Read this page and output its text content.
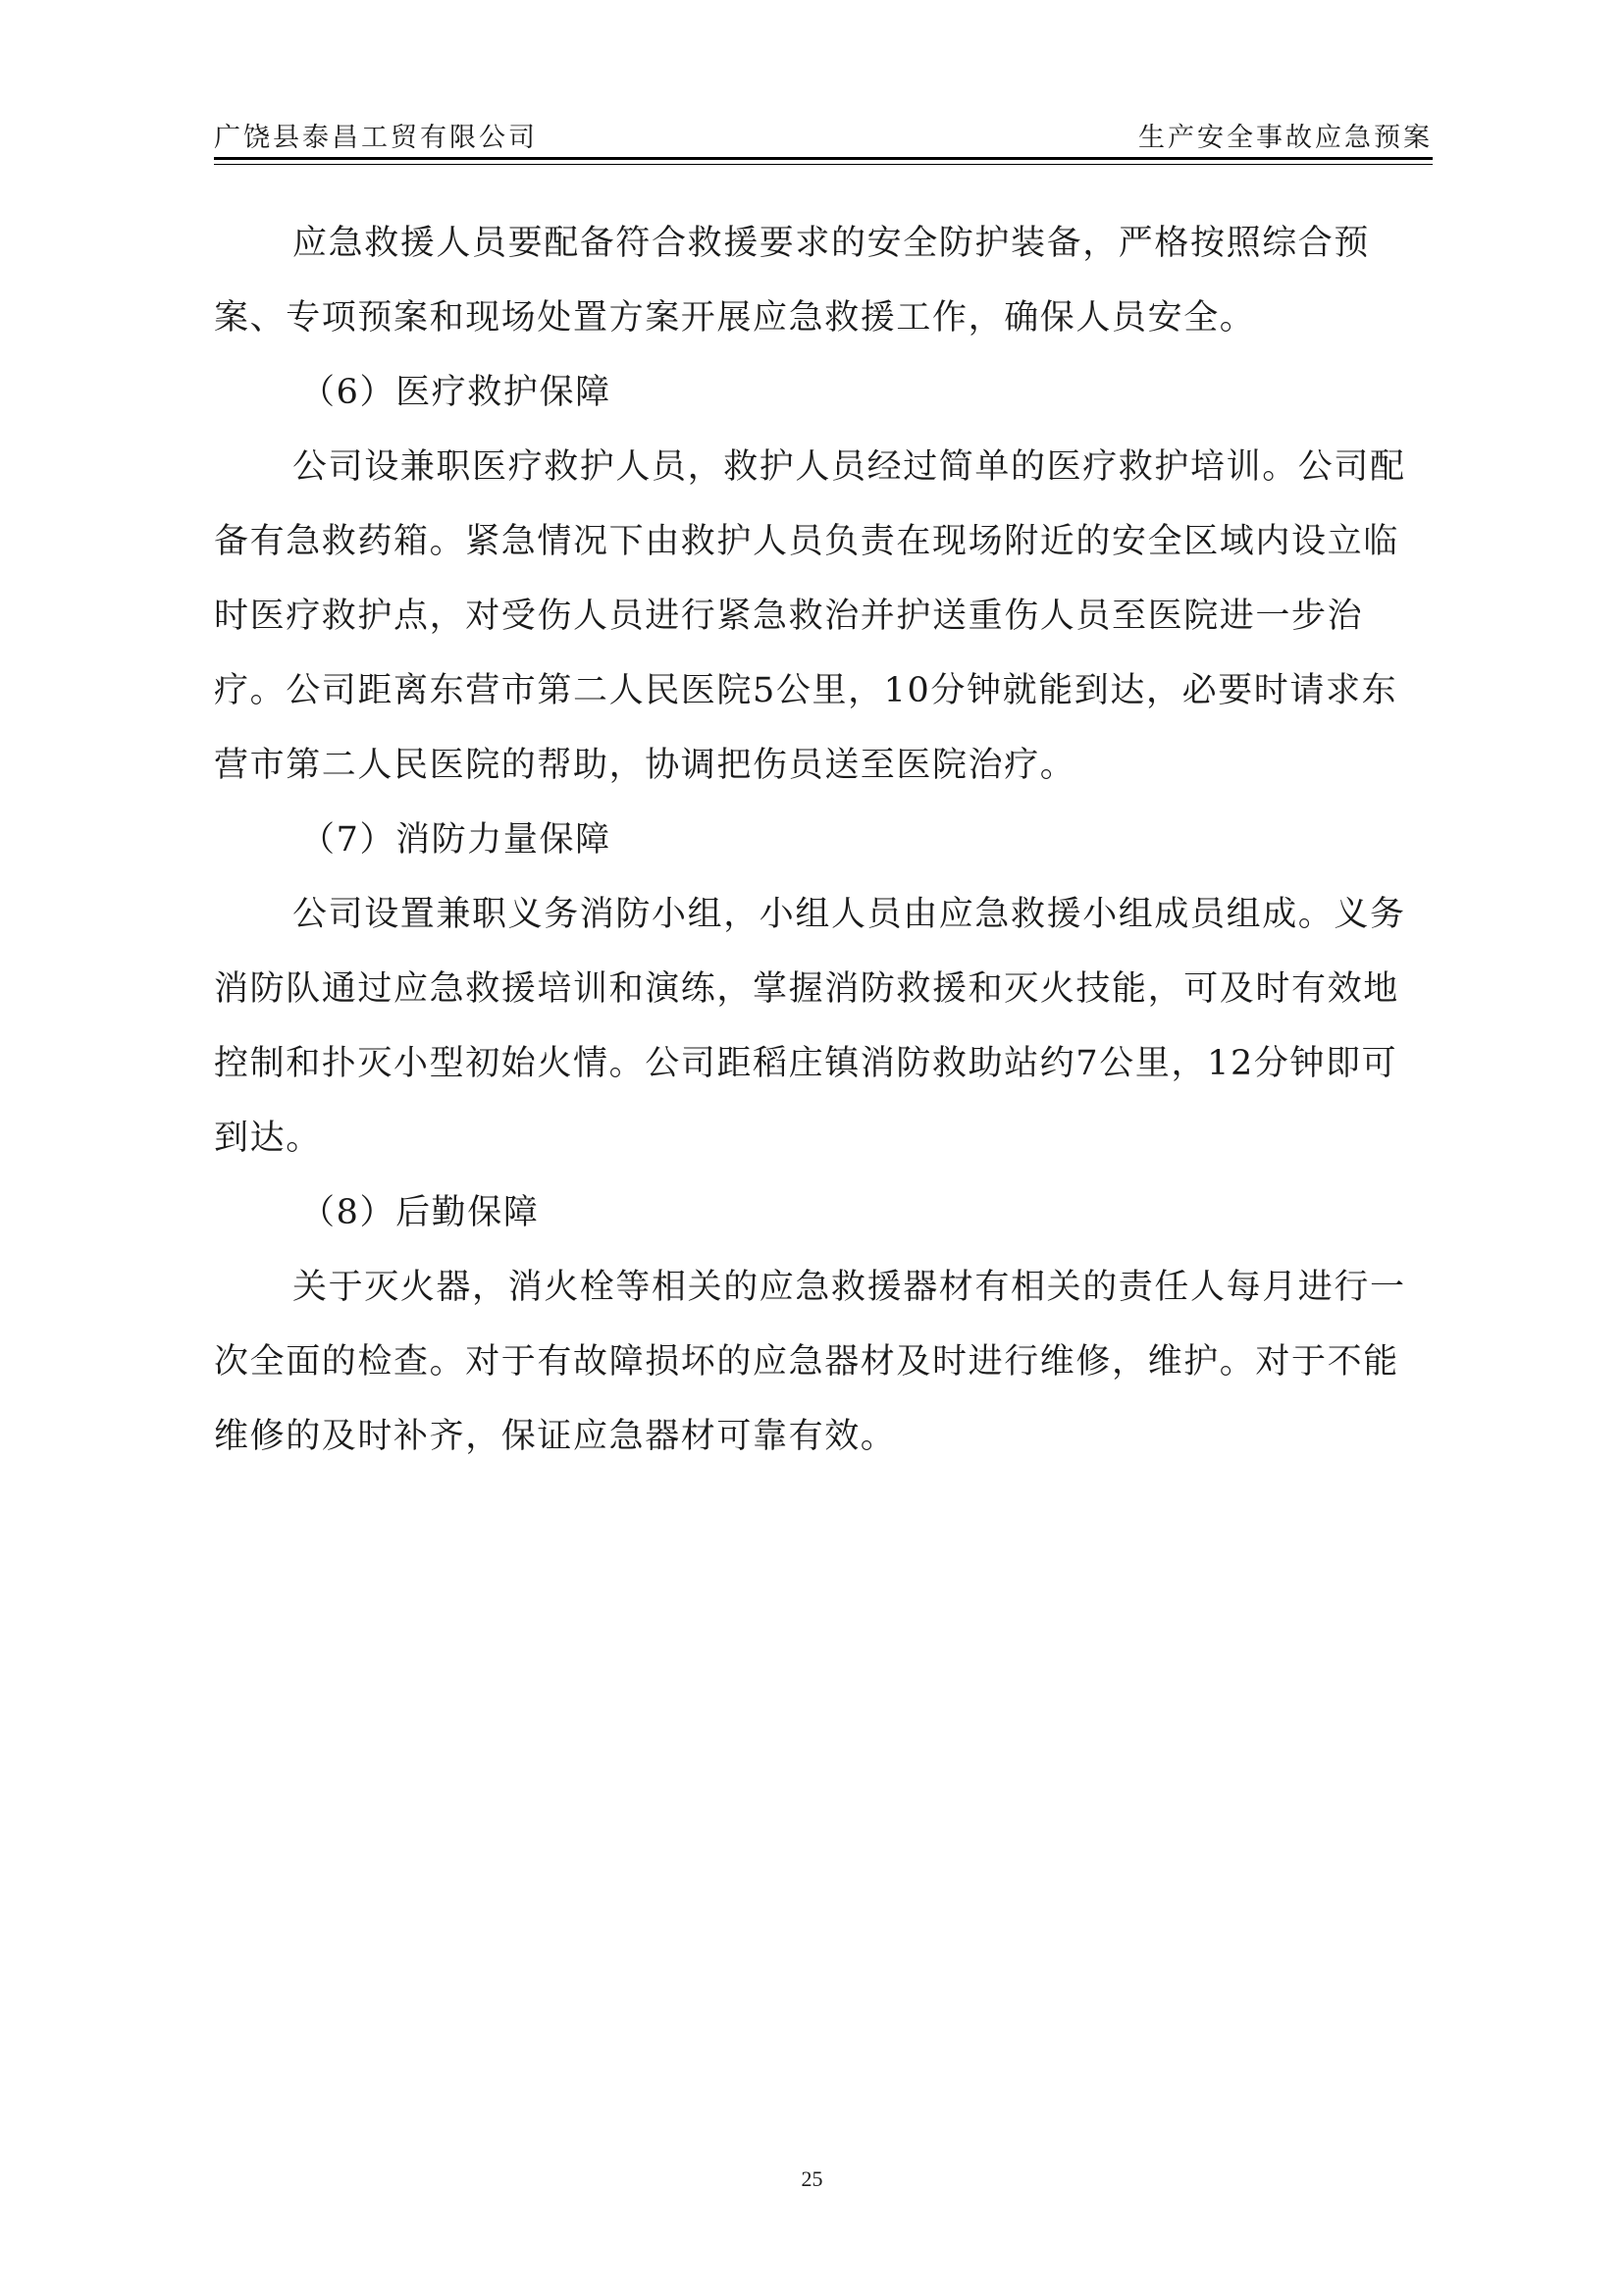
广饶县泰昌工贸有限公司	生产安全事故应急预案

应急救援人员要配备符合救援要求的安全防护装备，严格按照综合预案、专项预案和现场处置方案开展应急救援工作，确保人员安全。

（6）医疗救护保障

公司设兼职医疗救护人员，救护人员经过简单的医疗救护培训。公司配备有急救药箱。紧急情况下由救护人员负责在现场附近的安全区域内设立临时医疗救护点，对受伤人员进行紧急救治并护送重伤人员至医院进一步治疗。公司距离东营市第二人民医院5公里，10分钟就能到达，必要时请求东营市第二人民医院的帮助，协调把伤员送至医院治疗。

（7）消防力量保障

公司设置兼职义务消防小组，小组人员由应急救援小组成员组成。义务消防队通过应急救援培训和演练，掌握消防救援和灭火技能，可及时有效地控制和扑灭小型初始火情。公司距稻庄镇消防救助站约7公里，12分钟即可到达。

（8）后勤保障

关于灭火器，消火栓等相关的应急救援器材有相关的责任人每月进行一次全面的检查。对于有故障损坏的应急器材及时进行维修，维护。对于不能维修的及时补齐，保证应急器材可靠有效。

25
